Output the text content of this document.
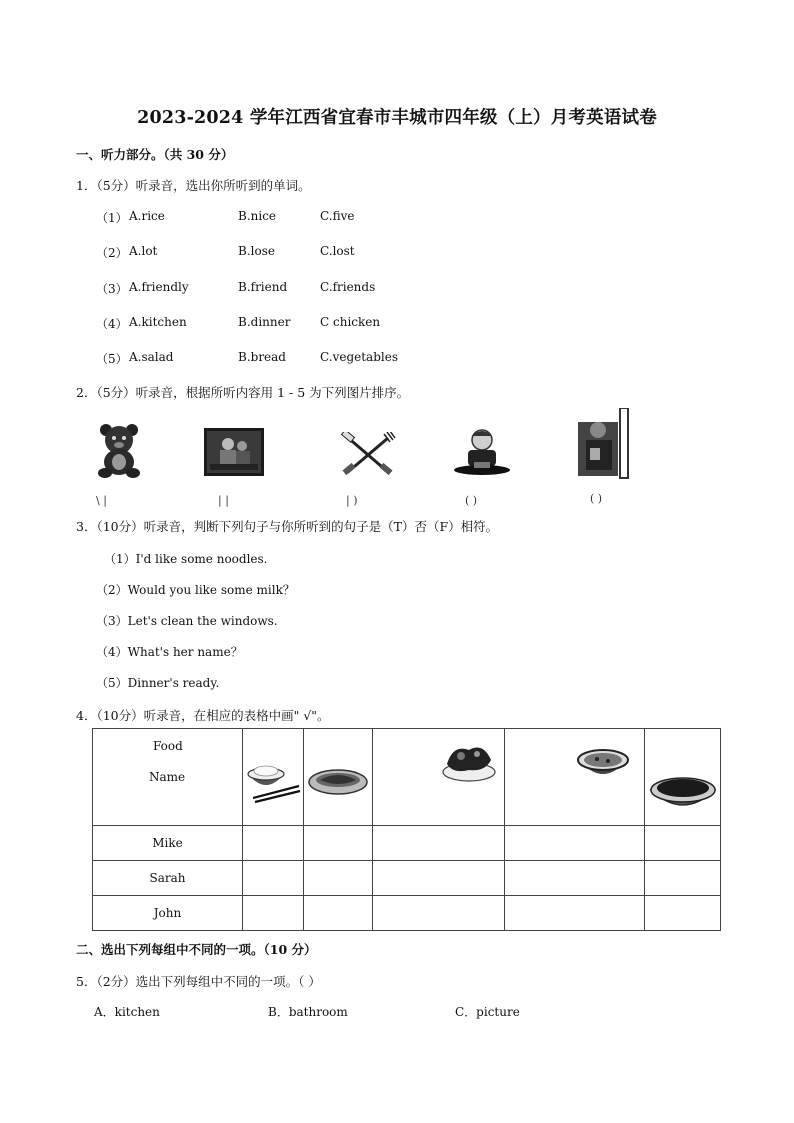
2023-2024 学年江西省宜春市丰城市四年级（上）月考英语试卷
一、听力部分。（共 30 分）
1．（5分）听录音，选出你所听到的单词。
（1） A.rice	B.nice	C.five
（2） A.lot	B.lose	C.lost
（3） A.friendly	B.friend	C.friends
（4） A.kitchen	B.dinner C chicken
（5） A.salad	B.bread	C.vegetables
2．（5分）听录音，根据所听内容用 1 - 5 为下列图片排序。
\ |	| |	| )	( )	( )
3．（10分）听录音，判断下列句子与你所听到的句子是（T）否（F）相符。
（1）I'd like some noodles.
（2）Would you like some milk？
（3）Let's clean the windows.
（4）What's her name？
（5）Dinner's ready.
4．（10分）听录音，在相应的表格中画" √"。
Food
Name

Mike					
Sarah					
John					
二、选出下列每组中不同的一项。（10 分）
5．（2分）选出下列每组中不同的一项。（ ）
A．kitchen	B．bathroom	C．picture
